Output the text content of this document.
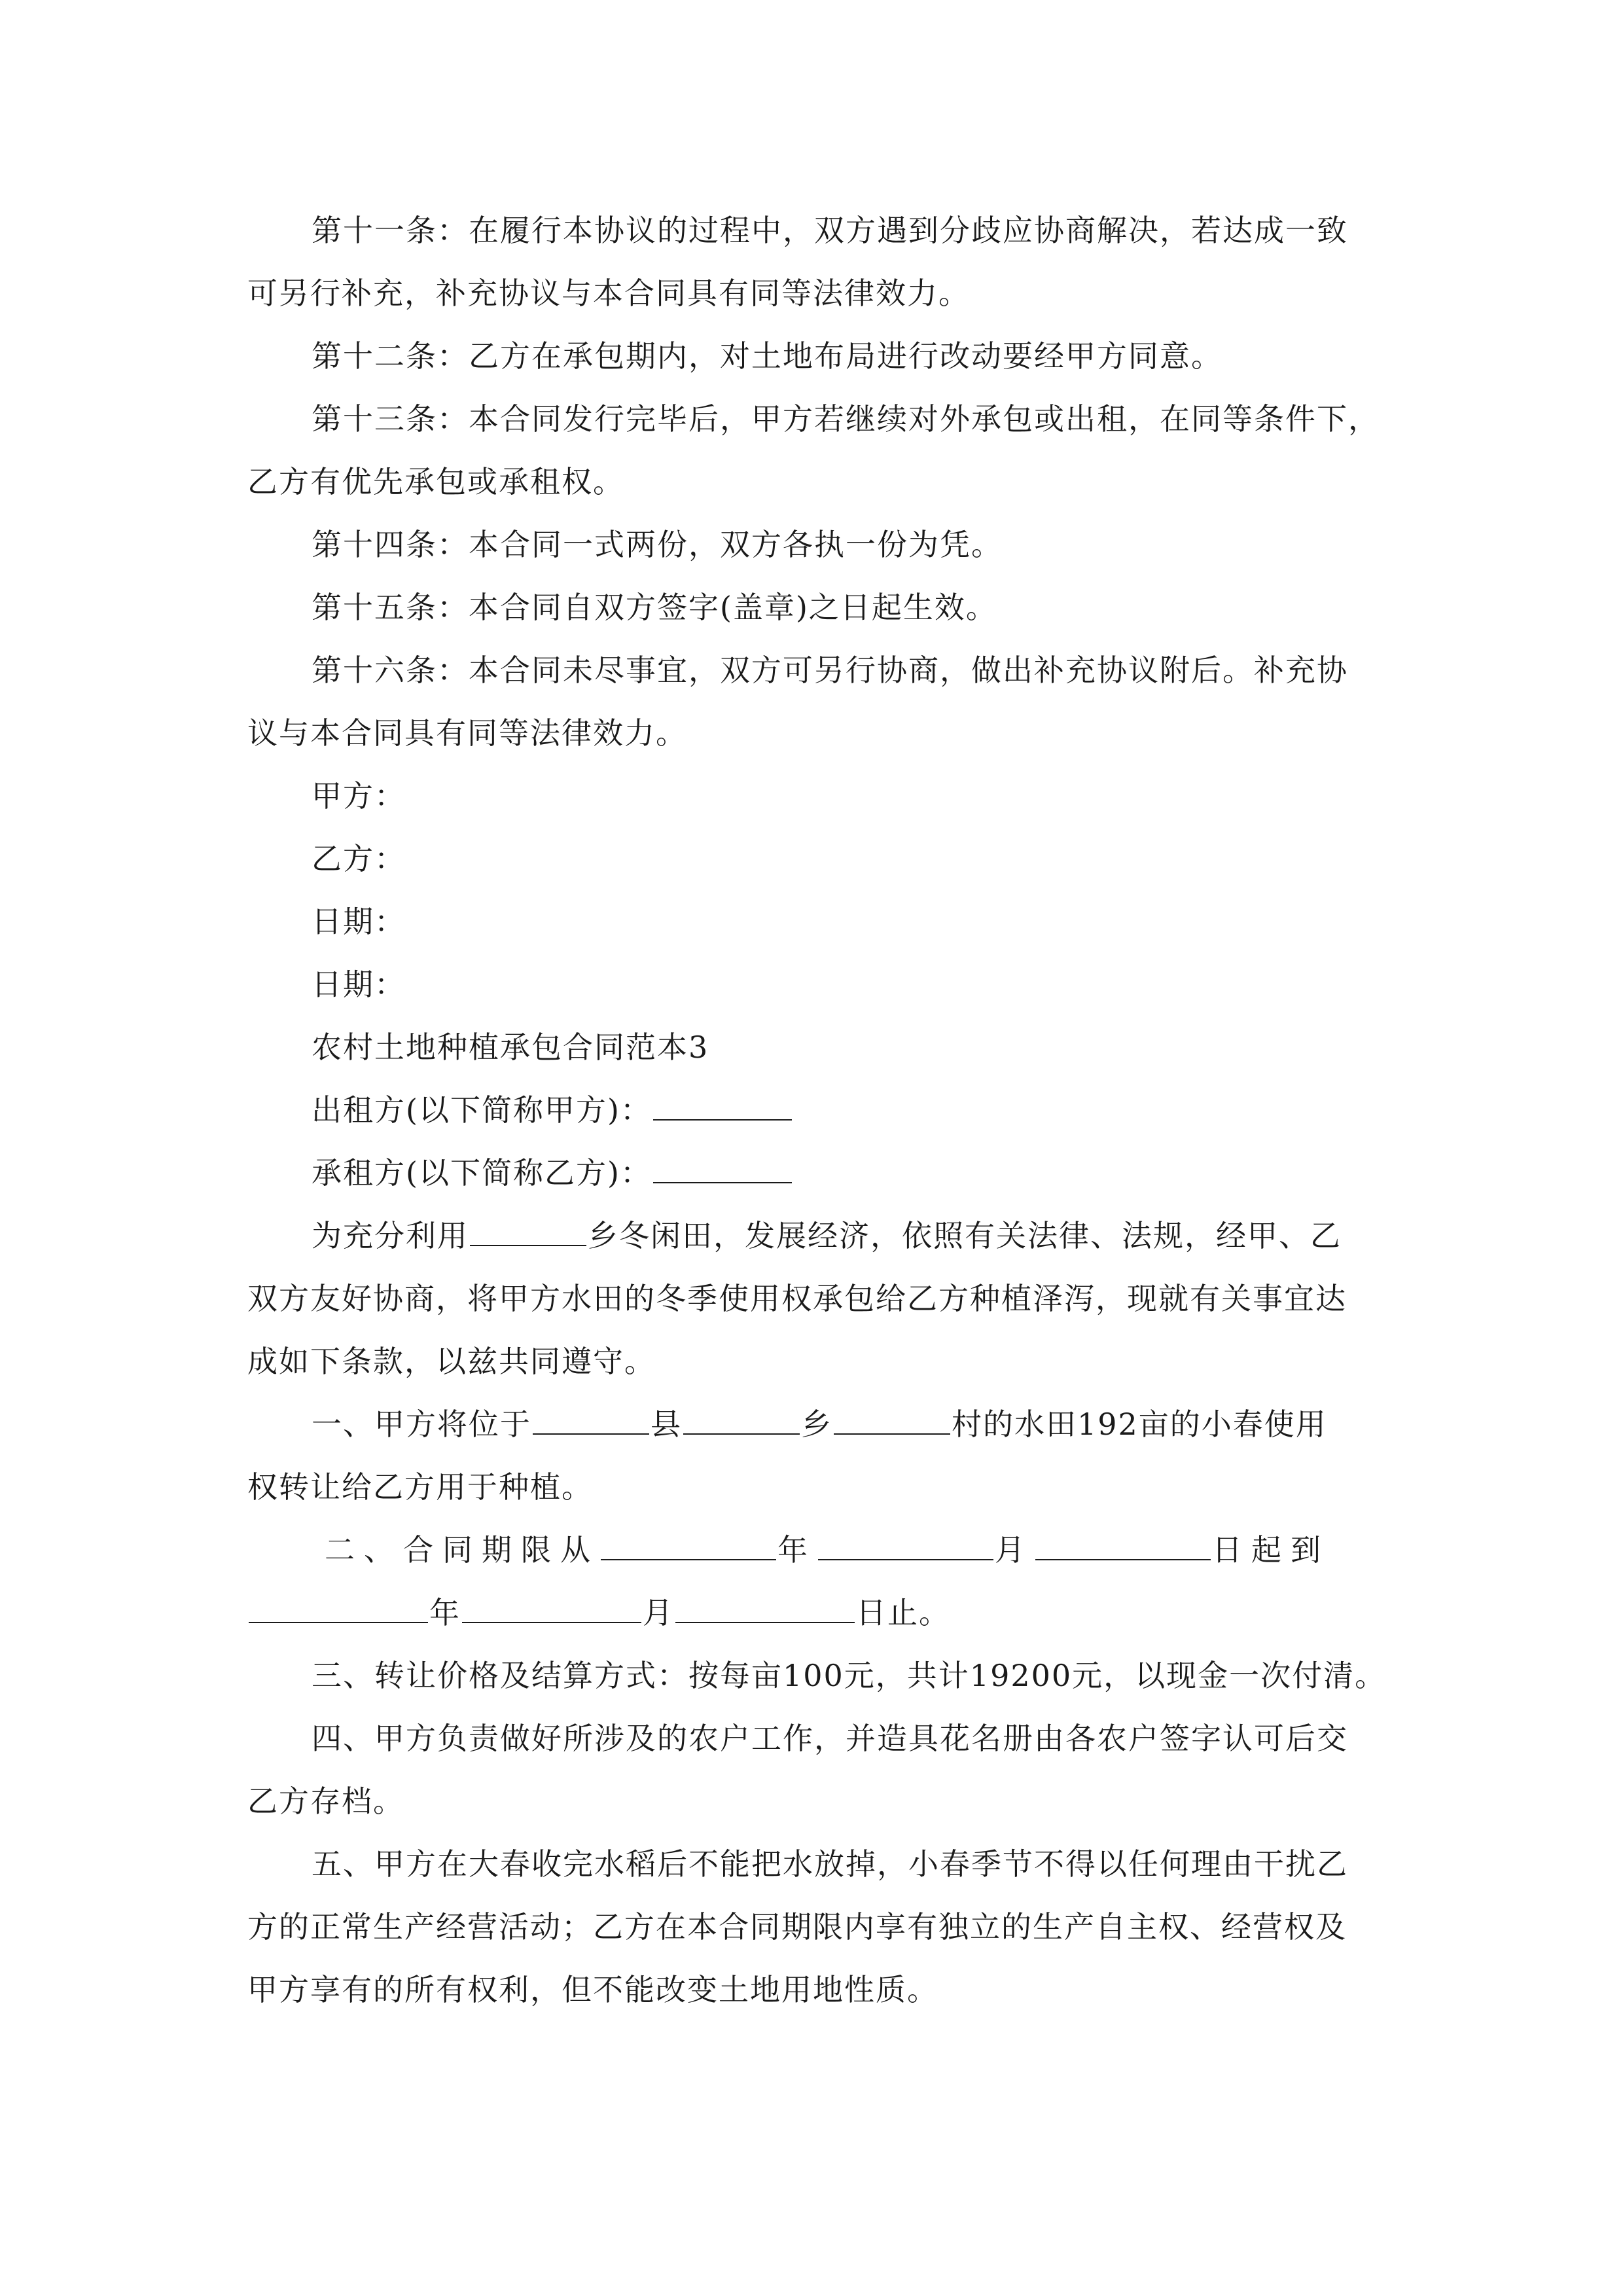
第十一条：在履行本协议的过程中，双方遇到分歧应协商解决，若达成一致
可另行补充，补充协议与本合同具有同等法律效力。
第十二条：乙方在承包期内，对土地布局进行改动要经甲方同意。
第十三条：本合同发行完毕后，甲方若继续对外承包或出租，在同等条件下，
乙方有优先承包或承租权。
第十四条：本合同一式两份，双方各执一份为凭。
第十五条：本合同自双方签字(盖章)之日起生效。
第十六条：本合同未尽事宜，双方可另行协商，做出补充协议附后。补充协
议与本合同具有同等法律效力。
甲方：
乙方：
日期：
日期：
农村土地种植承包合同范本3
出租方(以下简称甲方)：
承租方(以下简称乙方)：
为充分利用	乡冬闲田，发展经济，依照有关法律、法规，经甲、乙
双方友好协商，将甲方水田的冬季使用权承包给乙方种植泽泻，现就有关事宜达
成如下条款，以兹共同遵守。
一、甲方将位于	县	乡	村的水田192亩的小春使用
权转让给乙方用于种植。
二、合同期限从	年	月	日起到
年	月	日止。
三、转让价格及结算方式：按每亩100元，共计19200元，以现金一次付清。
四、甲方负责做好所涉及的农户工作，并造具花名册由各农户签字认可后交
乙方存档。
五、甲方在大春收完水稻后不能把水放掉，小春季节不得以任何理由干扰乙
方的正常生产经营活动；乙方在本合同期限内享有独立的生产自主权、经营权及
甲方享有的所有权利，但不能改变土地用地性质。
